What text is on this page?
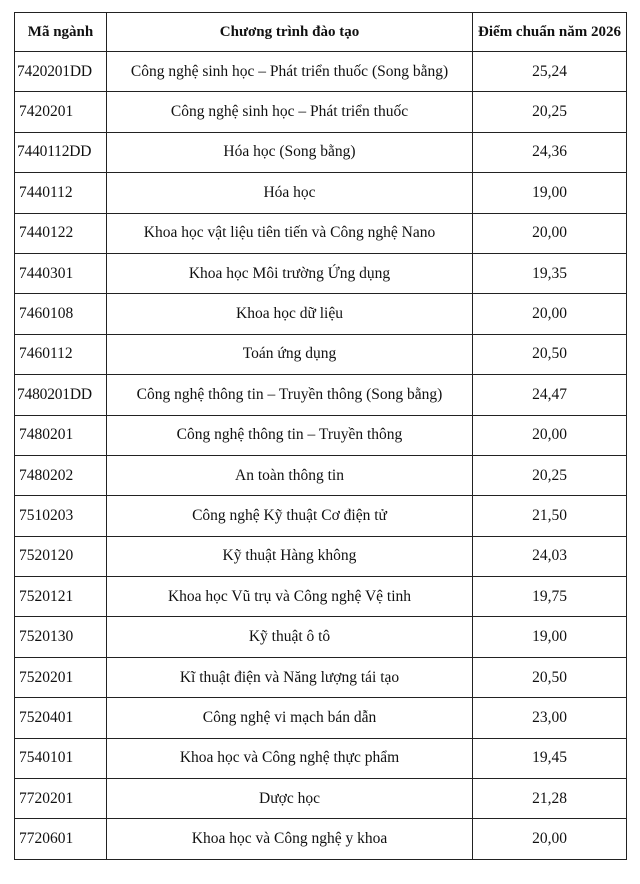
Mã ngành	Chương trình đào tạo	Điểm chuẩn năm 2026
7420201DD	Công nghệ sinh học – Phát triển thuốc (Song bằng)	25,24
7420201	Công nghệ sinh học – Phát triển thuốc	20,25
7440112DD	Hóa học (Song bằng)	24,36
7440112	Hóa học	19,00
7440122	Khoa học vật liệu tiên tiến và Công nghệ Nano	20,00
7440301	Khoa học Môi trường Ứng dụng	19,35
7460108	Khoa học dữ liệu	20,00
7460112	Toán ứng dụng	20,50
7480201DD	Công nghệ thông tin – Truyền thông (Song bằng)	24,47
7480201	Công nghệ thông tin – Truyền thông	20,00
7480202	An toàn thông tin	20,25
7510203	Công nghệ Kỹ thuật Cơ điện tử	21,50
7520120	Kỹ thuật Hàng không	24,03
7520121	Khoa học Vũ trụ và Công nghệ Vệ tinh	19,75
7520130	Kỹ thuật ô tô	19,00
7520201	Kĩ thuật điện và Năng lượng tái tạo	20,50
7520401	Công nghệ vi mạch bán dẫn	23,00
7540101	Khoa học và Công nghệ thực phẩm	19,45
7720201	Dược học	21,28
7720601	Khoa học và Công nghệ y khoa	20,00
